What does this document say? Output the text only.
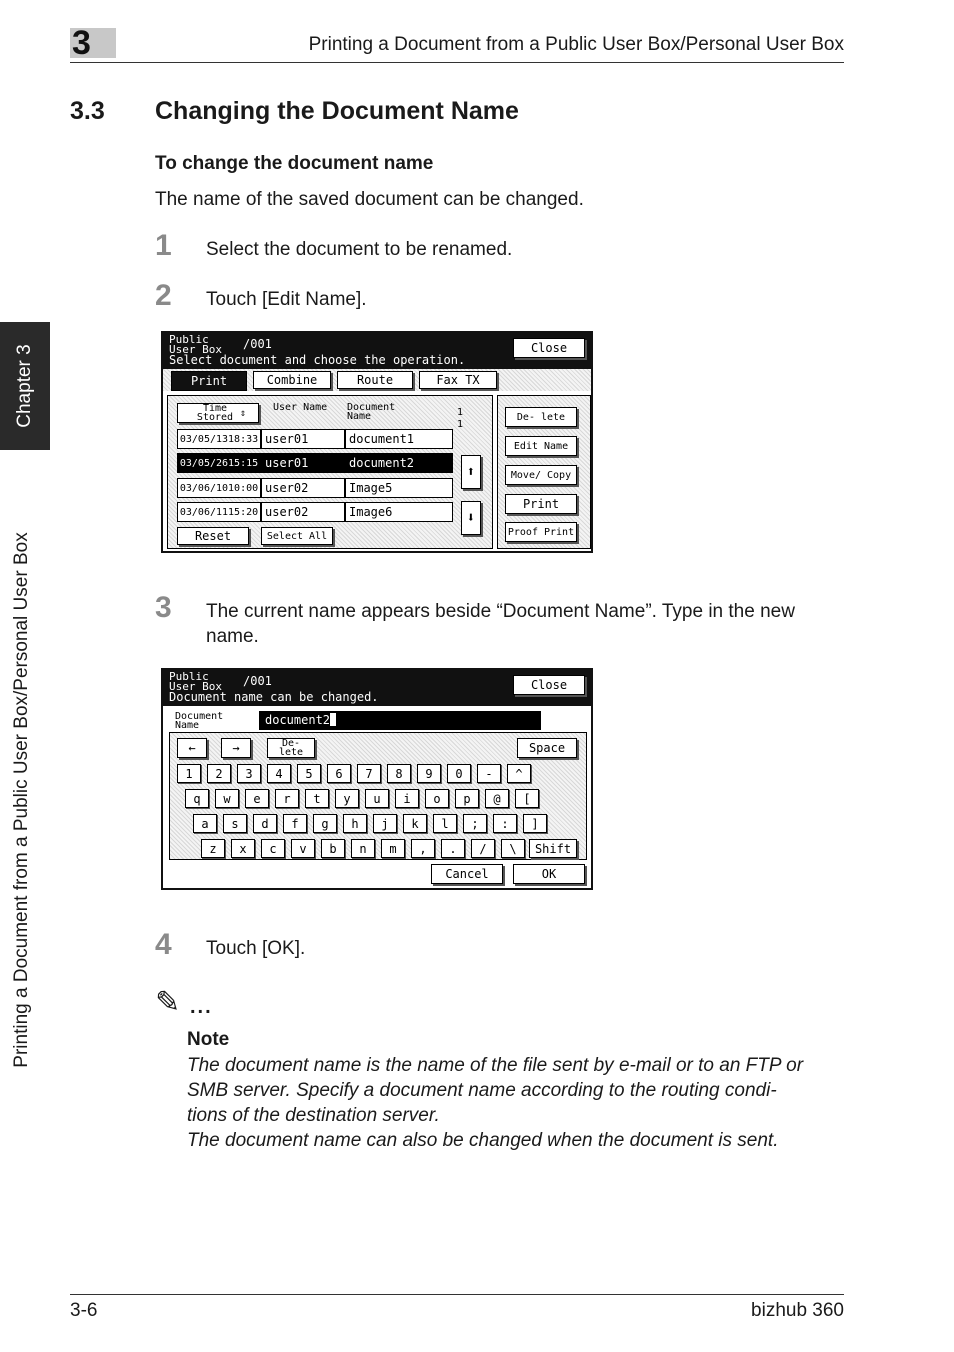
3	Printing a Document from a Public User Box/Personal User Box
Chapter 3
Printing a Document from a Public User Box/Personal User Box
3.3 Changing the Document Name
To change the document name
The name of the saved document can be changed.
1 Select the document to be renamed.
2 Touch [Edit Name].
Public
User Box /001
Select document and choose the operation.
Close
Print	Combine	Route	Fax TX
Time Stored ⇕	User Name Document Name	1
1
03/05/13 18:33 user01	document1
03/05/26 15:15 user01	document2
03/06/10 10:00 user02	Image5
03/06/11 15:20 user02	Image6
⬆
⬇
Reset	Select All
De- lete
Edit Name
Move/ Copy
Print
Proof Print
3 The current name appears beside “Document Name”. Type in the new name.
Public
User Box /001
Document name can be changed.
Close
Document Name	document2
←	→	De- lete	Space
1	2	3	4	5	6	7	8	9	0	-	^
q	w	e	r	t	y	u	i	o	p	@	[
a	s	d	f	g	h	j	k	l	;	:	]
z	x	c	v	b	n	m	,	.	/	\	Shift
Cancel	OK
4 Touch [OK].
✎ ...
Note
The document name is the name of the file sent by e-mail or to an FTP or
SMB server. Specify a document name according to the routing condi-
tions of the destination server.
The document name can also be changed when the document is sent.
3-6	bizhub 360
